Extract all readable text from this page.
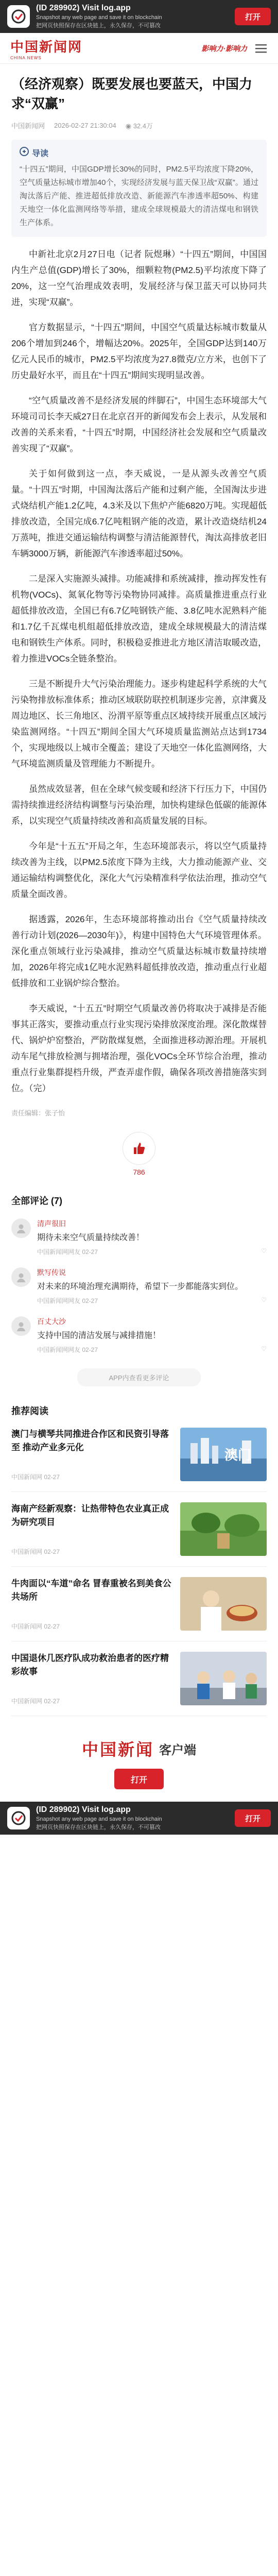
(ID 289902) Visit log.app
Snapshot any web page and save it on blockchain
把网页快照保存在区块链上，永久保存，不可篡改
打开
中国新闻网
CHINA NEWS
影响力·影响力
（经济观察）既要发展也要蓝天，中国力求“双赢”
中国新闻网 2026-02-27 21:30:04 ◉ 32.4万
导读

“十四五”期间，中国GDP增长30%的同时，PM2.5平均浓度下降20%，空气质量达标城市增加40个，实现经济发展与蓝天保卫战“双赢”。通过淘汰落后产能、推进超低排放改造、新能源汽车渗透率超50%、构建天地空一体化监测网络等举措，建成全球规模最大的清洁煤电和钢铁生产体系。

中新社北京2月27日电（记者 阮煜琳）“十四五”期间，中国国内生产总值(GDP)增长了30%，细颗粒物(PM2.5)平均浓度下降了20%，这一空气治理成效表明，发展经济与保卫蓝天可以协同共进，实现“双赢”。

官方数据显示，“十四五”期间，中国空气质量达标城市数量从206个增加到246个，增幅达20%。2025年，全国GDP达到140万亿元人民币的城市，PM2.5平均浓度为27.8微克/立方米，也创下了历史最好水平，而且在“十四五”期间实现明显改善。

“空气质量改善不是经济发展的绊脚石”，中国生态环境部大气环境司司长李天威27日在北京召开的新闻发布会上表示，从发展和改善的关系来看，“十四五”时期，中国经济社会发展和空气质量改善实现了“双赢”。

关于如何做到这一点，李天威说，一是从源头改善空气质量。“十四五”时期，中国淘汰落后产能和过剩产能，全国淘汰步进式烧结机产能1.2亿吨，4.3米及以下焦炉产能6820万吨。实现超低排放改造，全国完成6.7亿吨粗钢产能的改造，累计改造烧结机24万蒸吨，推进交通运输结构调整与清洁能源替代，淘汰高排放老旧车辆3000万辆，新能源汽车渗透率超过50%。

二是深入实施源头减排。功能减排和系统减排，推动挥发性有机物(VOCs)、氮氧化物等污染物协同减排。高质量推进重点行业超低排放改造，全国已有6.7亿吨钢铁产能、3.8亿吨水泥熟料产能和1.7亿千瓦煤电机组超低排放改造，建成全球规模最大的清洁煤电和钢铁生产体系。同时，积极稳妥推进北方地区清洁取暖改造，着力推进VOCs全链条整治。

三是不断提升大气污染治理能力。逐步构建起科学系统的大气污染物排放标准体系；推动区域联防联控机制逐步完善，京津冀及周边地区、长三角地区、汾渭平原等重点区域持续开展重点区域污染监测网络。“十四五”期间全国大气环境质量监测站点达到1734个，实现地级以上城市全覆盖；建设了天地空一体化监测网络，大气环境监测质量及管理能力不断提升。

虽然成效显著，但在全球气候变暖和经济下行压力下，中国仍需持续推进经济结构调整与污染治理，加快构建绿色低碳的能源体系，以实现空气质量持续改善和高质量发展的目标。

今年是“十五五”开局之年，生态环境部表示，将以空气质量持续改善为主线，以PM2.5浓度下降为主线，大力推动能源产业、交通运输结构调整优化，深化大气污染精准科学依法治理，推动空气质量全面改善。

据透露，2026年，生态环境部将推动出台《空气质量持续改善行动计划(2026—2030年)》，构建中国特色大气环境管理体系。深化重点领域行业污染减排，推动空气质量达标城市数量持续增加，2026年将完成1亿吨水泥熟料超低排放改造，推动重点行业超低排放和工业锅炉综合整治。

李天威说，“十五五”时期空气质量改善仍将取决于减排是否能事其正落实，要推动重点行业实现污染排放深度治理。深化散煤替代、锅炉炉窑整治，严防散煤复燃，全面推进移动源治理。开展机动车尾气排放检测与拥堵治理，强化VOCs全环节综合治理，推动重点行业集群提档升级，严查弄虚作假，确保各项改善措施落实到位。（完）

责任编辑：张子怡
786
全部评论 (7)
清声很旧
期待未来空气质量持续改善！
中国新闻网网友 02-27	♡
默写传说
对未来的环境治理充满期待，希望下一步都能落实到位。
中国新闻网网友 02-27	♡
百丈大沙
支持中国的清洁发展与减排措施！
中国新闻网网友 02-27	♡
APP内查看更多评论
推荐阅读
澳门与横琴共同推进合作区和民资引导落至 推动产业多元化
中国新闻网 02-27
澳门
海南产经新观察：让热带特色农业真正成为研究项目
中国新闻网 02-27
牛肉面以“车道”命名 冒春重被名到美食公共场所
中国新闻网 02-27
中国退休几医疗队成功救治患者的医疗精彩故事
中国新闻网 02-27
中国新闻 客户端
打开
(ID 289902) Visit log.app
Snapshot any web page and save it on blockchain
把网页快照保存在区块链上，永久保存，不可篡改
打开
